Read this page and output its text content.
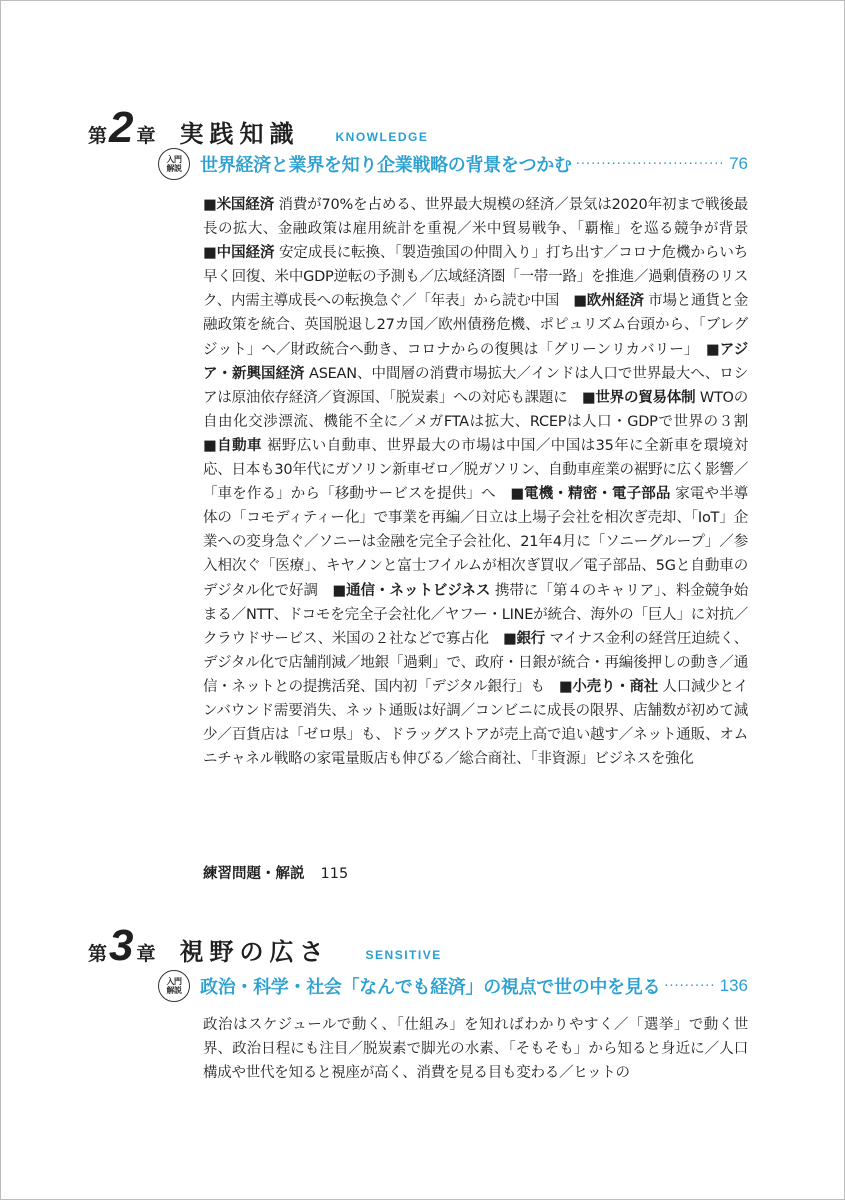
第 2 章 実践知識	KNOWLEDGE
入門
解説 世界経済と業界を知り企業戦略の背景をつかむ ·····	76
■米国経済 消費が70%を占める、世界最大規模の経済／景気は2020年初まで戦後最長の拡大、金融政策は雇用統計を重視／米中貿易戦争、「覇権」を巡る競争が背景　■中国経済 安定成長に転換、「製造強国の仲間入り」打ち出す／コロナ危機からいち早く回復、米中GDP逆転の予測も／広域経済圏「一帯一路」を推進／過剰債務のリスク、内需主導成長への転換急ぐ／「年表」から読む中国　■欧州経済 市場と通貨と金融政策を統合、英国脱退し27カ国／欧州債務危機、ポピュリズム台頭から、「ブレグジット」へ／財政統合へ動き、コロナからの復興は「グリーンリカバリー」　■アジア・新興国経済 ASEAN、中間層の消費市場拡大／インドは人口で世界最大へ、ロシアは原油依存経済／資源国、「脱炭素」への対応も課題に　■世界の貿易体制 WTOの自由化交渉漂流、機能不全に／メガFTAは拡大、RCEPは人口・GDPで世界の３割　■自動車 裾野広い自動車、世界最大の市場は中国／中国は35年に全新車を環境対応、日本も30年代にガソリン新車ゼロ／脱ガソリン、自動車産業の裾野に広く影響／「車を作る」から「移動サービスを提供」へ　■電機・精密・電子部品 家電や半導体の「コモディティー化」で事業を再編／日立は上場子会社を相次ぎ売却、「IoT」企業への変身急ぐ／ソニーは金融を完全子会社化、21年4月に「ソニーグループ」／参入相次ぐ「医療」、キヤノンと富士フイルムが相次ぎ買収／電子部品、5Gと自動車のデジタル化で好調　■通信・ネットビジネス 携帯に「第４のキャリア」、料金競争始まる／NTT、ドコモを完全子会社化／ヤフー・LINEが統合、海外の「巨人」に対抗／クラウドサービス、米国の２社などで寡占化　■銀行 マイナス金利の経営圧迫続く、デジタル化で店舗削減／地銀「過剰」で、政府・日銀が統合・再編後押しの動き／通信・ネットとの提携活発、国内初「デジタル銀行」も　■小売り・商社 人口減少とインバウンド需要消失、ネット通販は好調／コンビニに成長の限界、店舗数が初めて減少／百貨店は「ゼロ県」も、ドラッグストアが売上高で追い越す／ネット通販、オムニチャネル戦略の家電量販店も伸びる／総合商社、「非資源」ビジネスを強化
練習問題・解説 115
第 3 章 視野の広さ	SENSITIVE
入門
解説 政治・科学・社会「なんでも経済」の視点で世の中を見る ·····	136
政治はスケジュールで動く、「仕組み」を知ればわかりやすく／「選挙」で動く世界、政治日程にも注目／脱炭素で脚光の水素、「そもそも」から知ると身近に／人口構成や世代を知ると視座が高く、消費を見る目も変わる／ヒットの
